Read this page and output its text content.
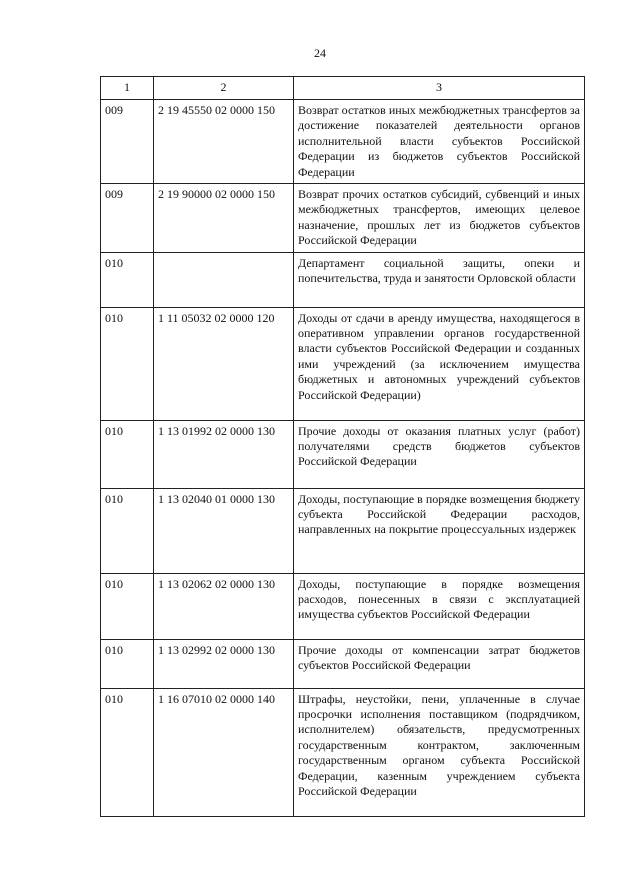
24
1	2	3
009	2 19 45550 02 0000 150	Возврат остатков иных межбюджетных трансфертов за достижение показателей деятельности органов исполнительной власти субъектов Российской Федерации из бюджетов субъектов Российской Федерации
009	2 19 90000 02 0000 150	Возврат прочих остатков субсидий, субвенций и иных межбюджетных трансфертов, имеющих целевое назначение, прошлых лет из бюджетов субъектов Российской Федерации
010		Департамент социальной защиты, опеки и попечительства, труда и занятости Орловской области
010	1 11 05032 02 0000 120	Доходы от сдачи в аренду имущества, находящегося в оперативном управлении органов государственной власти субъектов Российской Федерации и созданных ими учреждений (за исключением имущества бюджетных и автономных учреждений субъектов Российской Федерации)
010	1 13 01992 02 0000 130	Прочие доходы от оказания платных услуг (работ) получателями средств бюджетов субъектов Российской Федерации
010	1 13 02040 01 0000 130	Доходы, поступающие в порядке возмещения бюджету субъекта Российской Федерации расходов, направленных на покрытие процессуальных издержек
010	1 13 02062 02 0000 130	Доходы, поступающие в порядке возмещения расходов, понесенных в связи с эксплуатацией имущества субъектов Российской Федерации
010	1 13 02992 02 0000 130	Прочие доходы от компенсации затрат бюджетов субъектов Российской Федерации
010	1 16 07010 02 0000 140	Штрафы, неустойки, пени, уплаченные в случае просрочки исполнения поставщиком (подрядчиком, исполнителем) обязательств, предусмотренных государственным контрактом, заключенным государственным органом субъекта Российской Федерации, казенным учреждением субъекта Российской Федерации
